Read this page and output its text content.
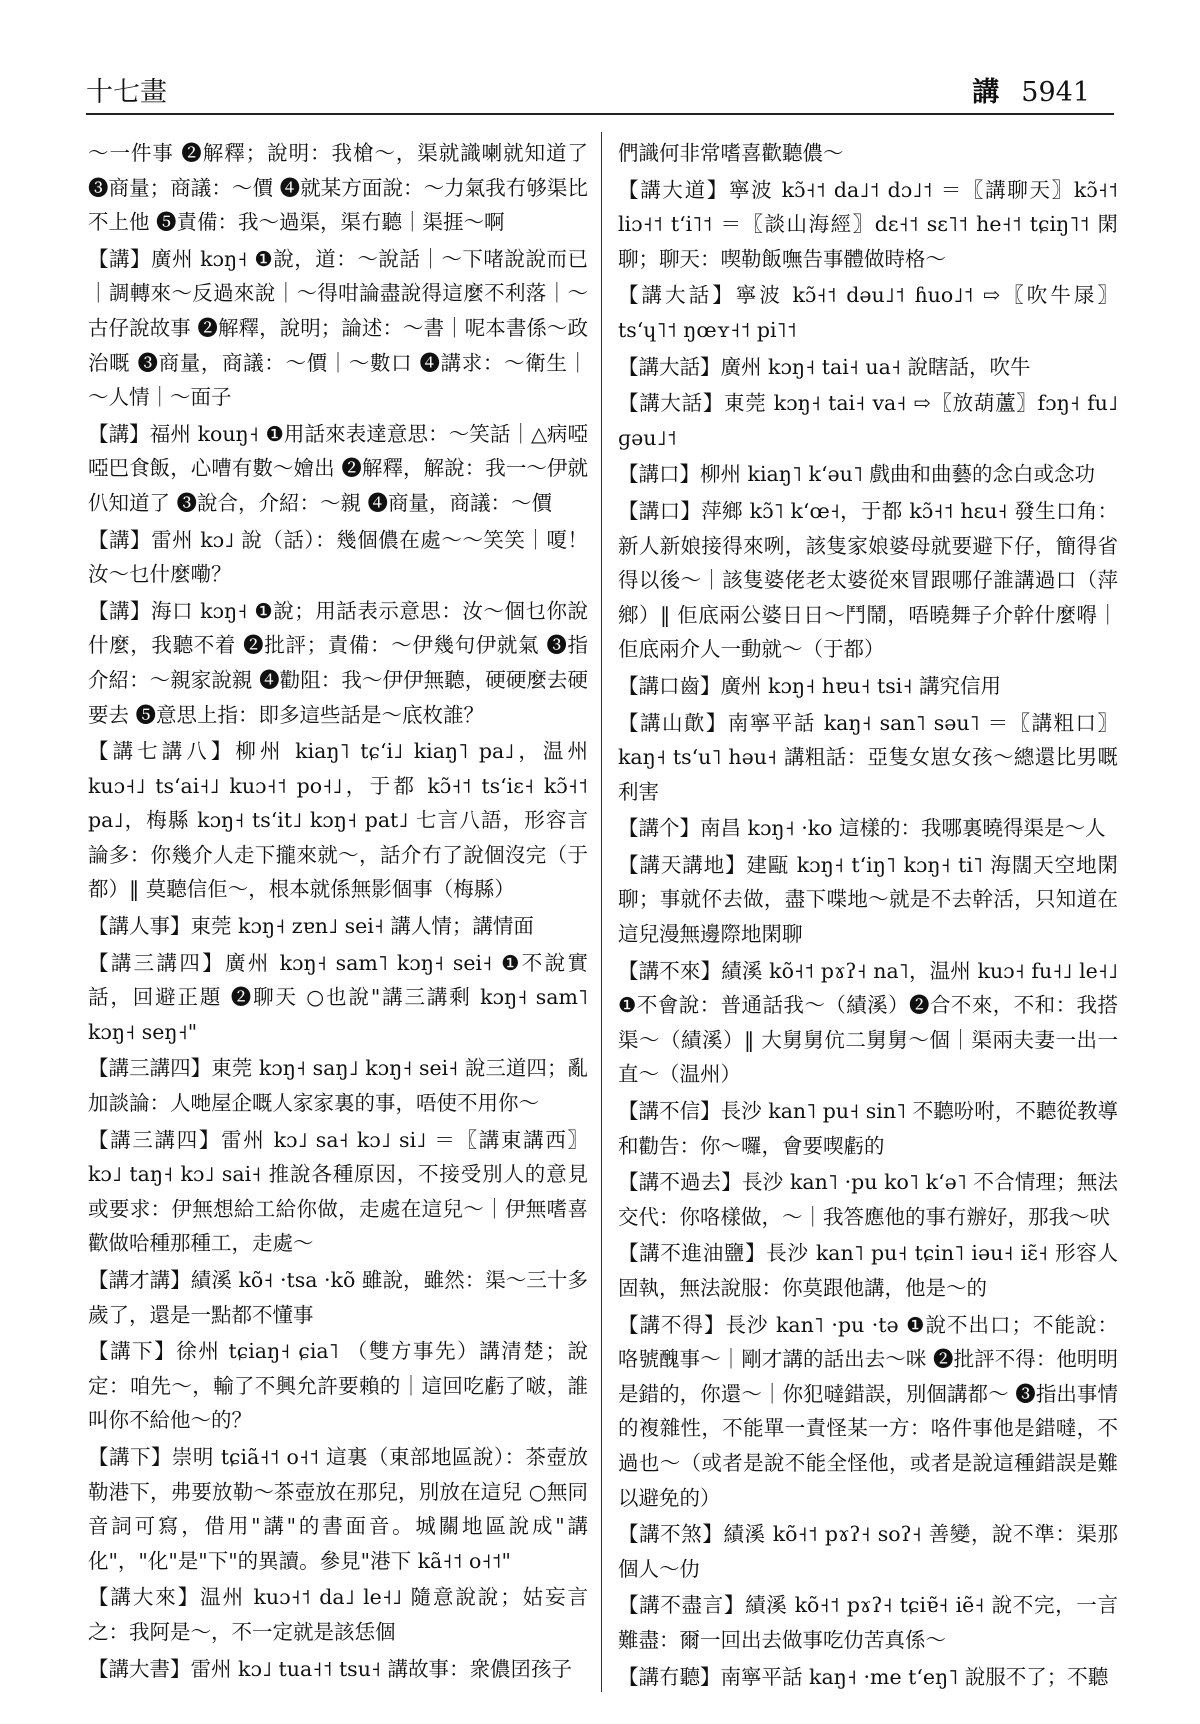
十七畫	講 5941

～一件事 ❷解釋；說明：我槍～，渠就識喇就知道了 ❸商量；商議：～價 ❹就某方面說：～力氣我冇够渠比不上他 ❺責備：我～過渠，渠冇聽｜渠捱～啊

【講】廣州 kɔŋ˧ ❶說，道：～說話｜～下啫說說而已｜調轉來～反過來說｜～得咁論盡說得這麼不利落｜～古仔說故事 ❷解釋，說明；論述：～書｜呢本書係～政治嘅 ❸商量，商議：～價｜～數口 ❹講求：～衛生｜～人情｜～面子

【講】福州 kouŋ˧ ❶用話來表達意思：～笑話｜△病啞啞巴食飯，心嘈有數～嬒出 ❷解釋，解說：我一～伊就仈知道了 ❸說合，介紹：～親 ❹商量，商議：～價

【講】雷州 kɔ˩ 說（話）：幾個儂在處～～笑笑｜嗄！汝～乜什麼嘞？

【講】海口 kɔŋ˧ ❶說；用話表示意思：汝～個乜你說什麼，我聽不着 ❷批評；責備：～伊幾句伊就氣 ❸指介紹：～親家說親 ❹勸阻：我～伊伊無聽，硬硬麼去硬要去 ❺意思上指：即多這些話是～底枚誰？

【講七講八】柳州 kiaŋ˥ tɕʻi˩ kiaŋ˥ pa˩，温州 kuɔ˧˩ tsʻai˧˩ kuɔ˧˦ po˧˩，于都 kɔ̃˧˦ tsʻiɛ˧ kɔ̃˧˦ pa˩，梅縣 kɔŋ˧ tsʻit˩ kɔŋ˧ pat˩ 七言八語，形容言論多：你幾介人走下攏來就～，話介冇了說個沒完（于都）‖ 莫聽信佢～，根本就係無影個事（梅縣）

【講人事】東莞 kɔŋ˧ zɐn˩ sei˧ 講人情；講情面

【講三講四】廣州 kɔŋ˧ sam˥ kɔŋ˧ sei˧ ❶不說實話，回避正題 ❷聊天 ○也說"講三講剩 kɔŋ˧ sam˥ kɔŋ˧ seŋ˧"

【講三講四】東莞 kɔŋ˧ saŋ˩ kɔŋ˧ sei˧ 說三道四；亂加談論：人哋屋企嘅人家家裏的事，唔使不用你～

【講三講四】雷州 kɔ˩ sa˧ kɔ˩ si˩ ＝〖講東講西〗kɔ˩ taŋ˧ kɔ˩ sai˧ 推說各種原因，不接受別人的意見或要求：伊無想給工給你做，走處在這兒～｜伊無嗜喜歡做哈種那種工，走處～

【講才講】績溪 kõ˧ ·tsa ·kõ 雖說，雖然：渠～三十多歲了，還是一點都不懂事

【講下】徐州 tɕiaŋ˧ ɕia˥ （雙方事先）講清楚；說定：咱先～，輸了不興允許要賴的｜這回吃虧了啵，誰叫你不給他～的？

【講下】崇明 tɕiã˧˦ o˧˦ 這裏（東部地區說）：茶壺放勒港下，弗要放勒～茶壺放在那兒，別放在這兒 ○無同音詞可寫，借用"講"的書面音。城關地區說成"講化"，"化"是"下"的異讀。參見"港下 kã˧˦ o˧˦"

【講大來】温州 kuɔ˧˦ da˩ le˧˩ 隨意說說；姑妄言之：我阿是～，不一定就是該恁個

【講大書】雷州 kɔ˩ tua˧˦ tsu˧ 講故事：衆儂囝孩子

們識何非常嗜喜歡聽儂～

【講大道】寧波 kɔ̃˧˦ da˩˦ dɔ˩˦ ＝〖講聊天〗kɔ̃˧˦ liɔ˧˦ tʻi˥˦ ＝〖談山海經〗dɛ˧˦ sɛ˥˦ he˧˦ tɕiŋ˥˦ 閑聊；聊天：喫勒飯嘸告事體做時格～

【講大話】寧波 kɔ̃˧˦ dəu˩˦ ɦuo˩˦ ⇨〖吹牛㞗〗tsʻɥ˥˦ ŋœʏ˧˦ pi˥˦

【講大話】廣州 kɔŋ˧ tai˧ ua˧ 說瞎話，吹牛

【講大話】東莞 kɔŋ˧ tai˧ va˧ ⇨〖放葫蘆〗fɔŋ˧ fu˩ ɡəu˩˦

【講口】柳州 kiaŋ˥ kʻəu˥ 戲曲和曲藝的念白或念功

【講口】萍鄉 kɔ̃˥ kʻœ˧，于都 kɔ̃˧˦ hɛu˧ 發生口角：新人新娘接得來咧，該隻家娘婆母就要避下仔，簡得省得以後～｜該隻婆佬老太婆從來冒跟哪仔誰講過口（萍鄉）‖ 佢底兩公婆日日～鬥鬧，唔曉舞子介幹什麼嘚｜佢底兩介人一動就～（于都）

【講口齒】廣州 kɔŋ˧ hɐu˧ tsi˧ 講究信用

【講山歕】南寧平話 kaŋ˧ san˥ səu˥ ＝〖講粗口〗kaŋ˧ tsʻu˥ həu˧ 講粗話：亞隻女崽女孩～總還比男嘅利害

【講个】南昌 kɔŋ˧ ·ko 這樣的：我哪裏曉得渠是～人

【講天講地】建甌 kɔŋ˧ tʻiŋ˥ kɔŋ˧ ti˥ 海闊天空地閑聊；事就伓去做，盡下喋地～就是不去幹活，只知道在這兒漫無邊際地閑聊

【講不來】績溪 kõ˧˦ pɤʔ˧ na˥，温州 kuɔ˧ fu˧˩ le˧˩ ❶不會說：普通話我～（績溪）❷合不來，不和：我搭渠～（績溪）‖ 大舅舅伉二舅舅～個｜渠兩夫妻一出一直～（温州）

【講不信】長沙 kan˥ pu˧ sin˥ 不聽吩咐，不聽從教導和勸告：你～囉，會要喫虧的

【講不過去】長沙 kan˥ ·pu ko˥ kʻə˥ 不合情理；無法交代：你咯樣做，～｜我答應他的事冇辦好，那我～吠

【講不進油鹽】長沙 kan˥ pu˧ tɕin˥ iəu˧ iɛ̃˧ 形容人固執，無法說服：你莫跟他講，他是～的

【講不得】長沙 kan˥ ·pu ·tə ❶說不出口；不能說：咯號醜事～｜剛才講的話出去～咪 ❷批評不得：他明明是錯的，你還～｜你犯噠錯誤，別個講都～ ❸指出事情的複雜性，不能單一責怪某一方：咯件事他是錯噠，不過也～（或者是說不能全怪他，或者是說這種錯誤是難以避免的）

【講不煞】績溪 kõ˧˦ pɤʔ˧ soʔ˧ 善變，說不準：渠那個人～仂

【講不盡言】績溪 kõ˧˦ pɤʔ˧ tɕiɐ̃˧ iẽ˧ 說不完，一言難盡：爾一回出去做事吃仂苦真係～

【講冇聽】南寧平話 kaŋ˧ ·me tʻeŋ˥ 說服不了；不聽
